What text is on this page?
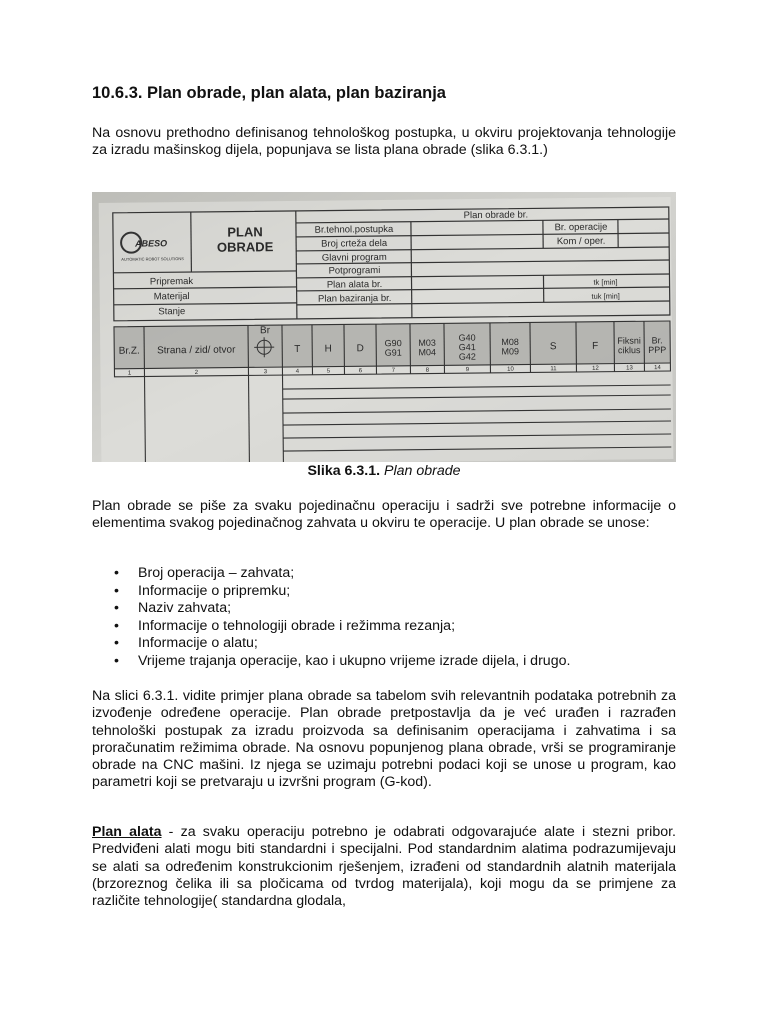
10.6.3. Plan obrade, plan alata, plan baziranja

Na osnovu prethodno definisanog tehnološkog postupka, u okviru projektovanja tehnologije za izradu mašinskog dijela, popunjava se lista plana obrade (slika 6.3.1.)

ABESO
AUTOMATIC ROBOT SOLUTIONS
PLAN
OBRADE
Plan obrade br.
Br.tehnol.postupka
Broj crteža dela
Glavni program
Potprogrami
Plan alata br.
Plan baziranja br.
Br. operacije
Kom / oper.
tk [min]
tuk [min]
Pripremak
Materijal
Stanje
Br.Z.
1
Strana / zid/ otvor
2
Br
3
T
4
H
5
D
6
G90
G91
7
M03
M04
8
G40
G41
G42
9
M08
M09
10
S
11
F
12
Fiksni
ciklus
13
Br.
PPP
14
Slika 6.3.1. Plan obrade

Plan obrade se piše za svaku pojedinačnu operaciju i sadrži sve potrebne informacije o elementima svakog pojedinačnog zahvata u okviru te operacije. U plan obrade se unose:

• Broj operacija – zahvata;
• Informacije o pripremku;
• Naziv zahvata;
• Informacije o tehnologiji obrade i režimma rezanja;
• Informacije o alatu;
• Vrijeme trajanja operacije, kao i ukupno vrijeme izrade dijela, i drugo.

Na slici 6.3.1. vidite primjer plana obrade sa tabelom svih relevantnih podataka potrebnih za izvođenje određene operacije. Plan obrade pretpostavlja da je već urađen i razrađen tehnološki postupak za izradu proizvoda sa definisanim operacijama i zahvatima i sa proračunatim režimima obrade. Na osnovu popunjenog plana obrade, vrši se programiranje obrade na CNC mašini. Iz njega se uzimaju potrebni podaci koji se unose u program, kao parametri koji se pretvaraju u izvršni program (G-kod).

Plan alata - za svaku operaciju potrebno je odabrati odgovarajuće alate i stezni pribor. Predviđeni alati mogu biti standardni i specijalni. Pod standardnim alatima podrazumijevaju se alati sa određenim konstrukcionim rješenjem, izrađeni od standardnih alatnih materijala (brzoreznog čelika ili sa pločicama od tvrdog materijala), koji mogu da se primjene za različite tehnologije( standardna glodala,
